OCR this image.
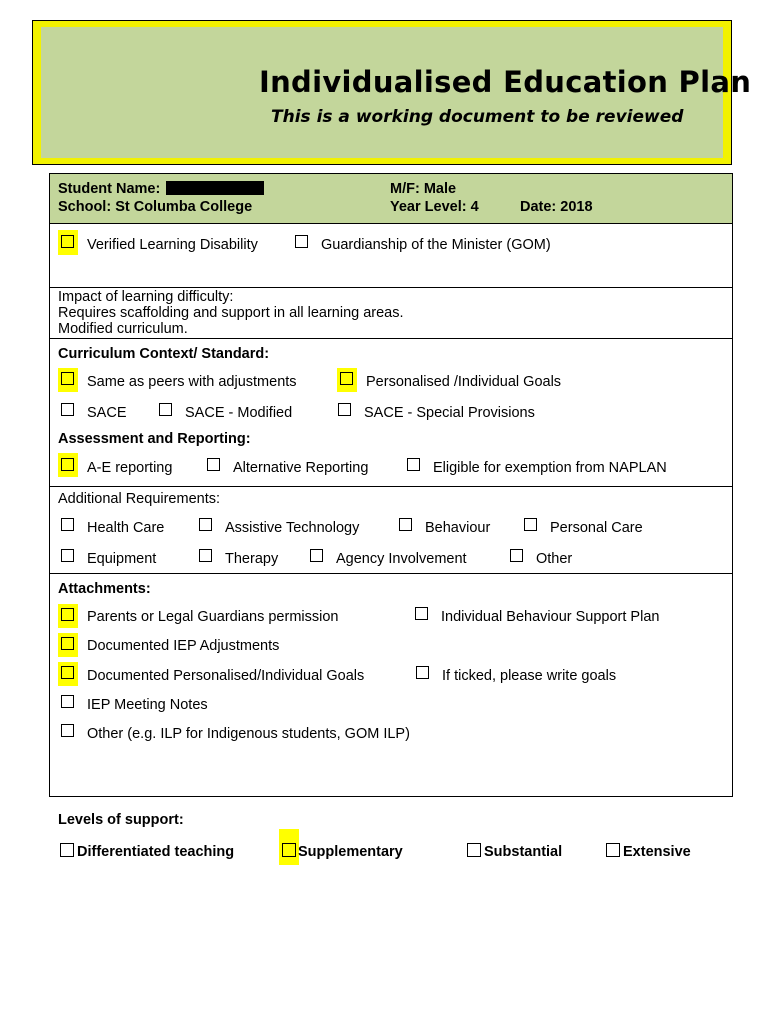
Individualised Education Plan
This is a working document to be reviewed
Student Name:	M/F: Male
School: St Columba College	Year Level: 4	Date: 2018
Verified Learning Disability	Guardianship of the Minister (GOM)
Impact of learning difficulty:
Requires scaffolding and support in all learning areas.
Modified curriculum.
Curriculum Context/ Standard:
Same as peers with adjustments	Personalised /Individual Goals
SACE	SACE - Modified	SACE - Special Provisions
Assessment and Reporting:
A-E reporting	Alternative Reporting	Eligible for exemption from NAPLAN
Additional Requirements:
Health Care	Assistive Technology	Behaviour	Personal Care
Equipment	Therapy	Agency Involvement	Other
Attachments:
Parents or Legal Guardians permission	Individual Behaviour Support Plan
Documented IEP Adjustments
Documented Personalised/Individual Goals	If ticked, please write goals
IEP Meeting Notes
Other (e.g. ILP for Indigenous students, GOM ILP)
Levels of support:
Differentiated teaching	Supplementary	Substantial	Extensive
